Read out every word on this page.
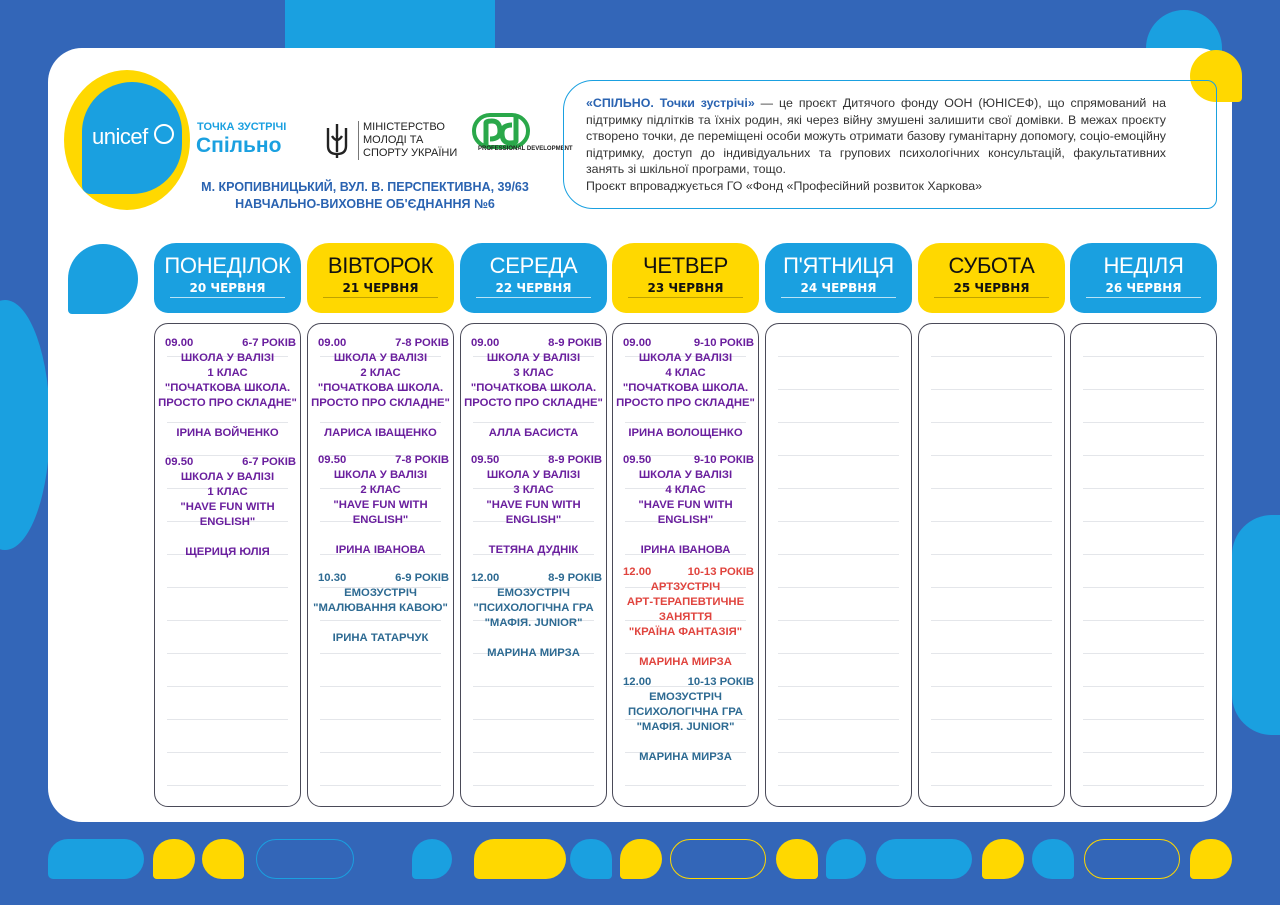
unicef	ТОЧКА ЗУСТРІЧІ
Спільно
МІНІСТЕРСТВО МОЛОДІ ТА СПОРТУ УКРАЇНИ	PROFESSIONAL DEVELOPMENT
М. КРОПИВНИЦЬКИЙ, ВУЛ. В. ПЕРСПЕКТИВНА, 39/63
НАВЧАЛЬНО-ВИХОВНЕ ОБ'ЄДНАННЯ №6
«СПІЛЬНО. Точки зустрічі» — це проєкт Дитячого фонду ООН (ЮНІСЕФ), що спрямований на підтримку підлітків та їхніх родин, які через війну змушені залишити свої домівки. В межах проєкту створено точки, де переміщені особи можуть отримати базову гуманітарну допомогу, соціо-емоційну підтримку, доступ до індивідуальних та групових психологічних консультацій, факультативних занять зі шкільної програми, тощо.
Проєкт впроваджується ГО «Фонд «Професійний розвиток Харкова»
ПОНЕДІЛОК
20 ЧЕРВНЯ
09.00	6-7 РОКІВ
ШКОЛА У ВАЛІЗІ
1 КЛАС
"ПОЧАТКОВА ШКОЛА.
ПРОСТО ПРО СКЛАДНЕ"
ІРИНА ВОЙЧЕНКО
09.50	6-7 РОКІВ
ШКОЛА У ВАЛІЗІ
1 КЛАС
"HAVE FUN WITH
ENGLISH"
ЩЕРИЦЯ ЮЛІЯ
ВІВТОРОК
21 ЧЕРВНЯ
09.00	7-8 РОКІВ
ШКОЛА У ВАЛІЗІ
2 КЛАС
"ПОЧАТКОВА ШКОЛА.
ПРОСТО ПРО СКЛАДНЕ"
ЛАРИСА ІВАЩЕНКО
09.50	7-8 РОКІВ
ШКОЛА У ВАЛІЗІ
2 КЛАС
"HAVE FUN WITH
ENGLISH"
ІРИНА ІВАНОВА
10.30	6-9 РОКІВ
ЕМОЗУСТРІЧ
"МАЛЮВАННЯ КАВОЮ"
ІРИНА ТАТАРЧУК
СЕРЕДА
22 ЧЕРВНЯ
09.00	8-9 РОКІВ
ШКОЛА У ВАЛІЗІ
3 КЛАС
"ПОЧАТКОВА ШКОЛА.
ПРОСТО ПРО СКЛАДНЕ"
АЛЛА БАСИСТА
09.50	8-9 РОКІВ
ШКОЛА У ВАЛІЗІ
3 КЛАС
"HAVE FUN WITH
ENGLISH"
ТЕТЯНА ДУДНІК
12.00	8-9 РОКІВ
ЕМОЗУСТРІЧ
"ПСИХОЛОГІЧНА ГРА
"МАФІЯ. JUNIOR"
МАРИНА МИРЗА
ЧЕТВЕР
23 ЧЕРВНЯ
09.00	9-10 РОКІВ
ШКОЛА У ВАЛІЗІ
4 КЛАС
"ПОЧАТКОВА ШКОЛА.
ПРОСТО ПРО СКЛАДНЕ"
ІРИНА ВОЛОЩЕНКО
09.50	9-10 РОКІВ
ШКОЛА У ВАЛІЗІ
4 КЛАС
"HAVE FUN WITH
ENGLISH"
ІРИНА ІВАНОВА
12.00	10-13 РОКІВ
АРТЗУСТРІЧ
АРТ-ТЕРАПЕВТИЧНЕ
ЗАНЯТТЯ
"КРАЇНА ФАНТАЗІЯ"
МАРИНА МИРЗА
12.00	10-13 РОКІВ
ЕМОЗУСТРІЧ
ПСИХОЛОГІЧНА ГРА
"МАФІЯ. JUNIOR"
МАРИНА МИРЗА
П'ЯТНИЦЯ
24 ЧЕРВНЯ
СУБОТА
25 ЧЕРВНЯ
НЕДІЛЯ
26 ЧЕРВНЯ
